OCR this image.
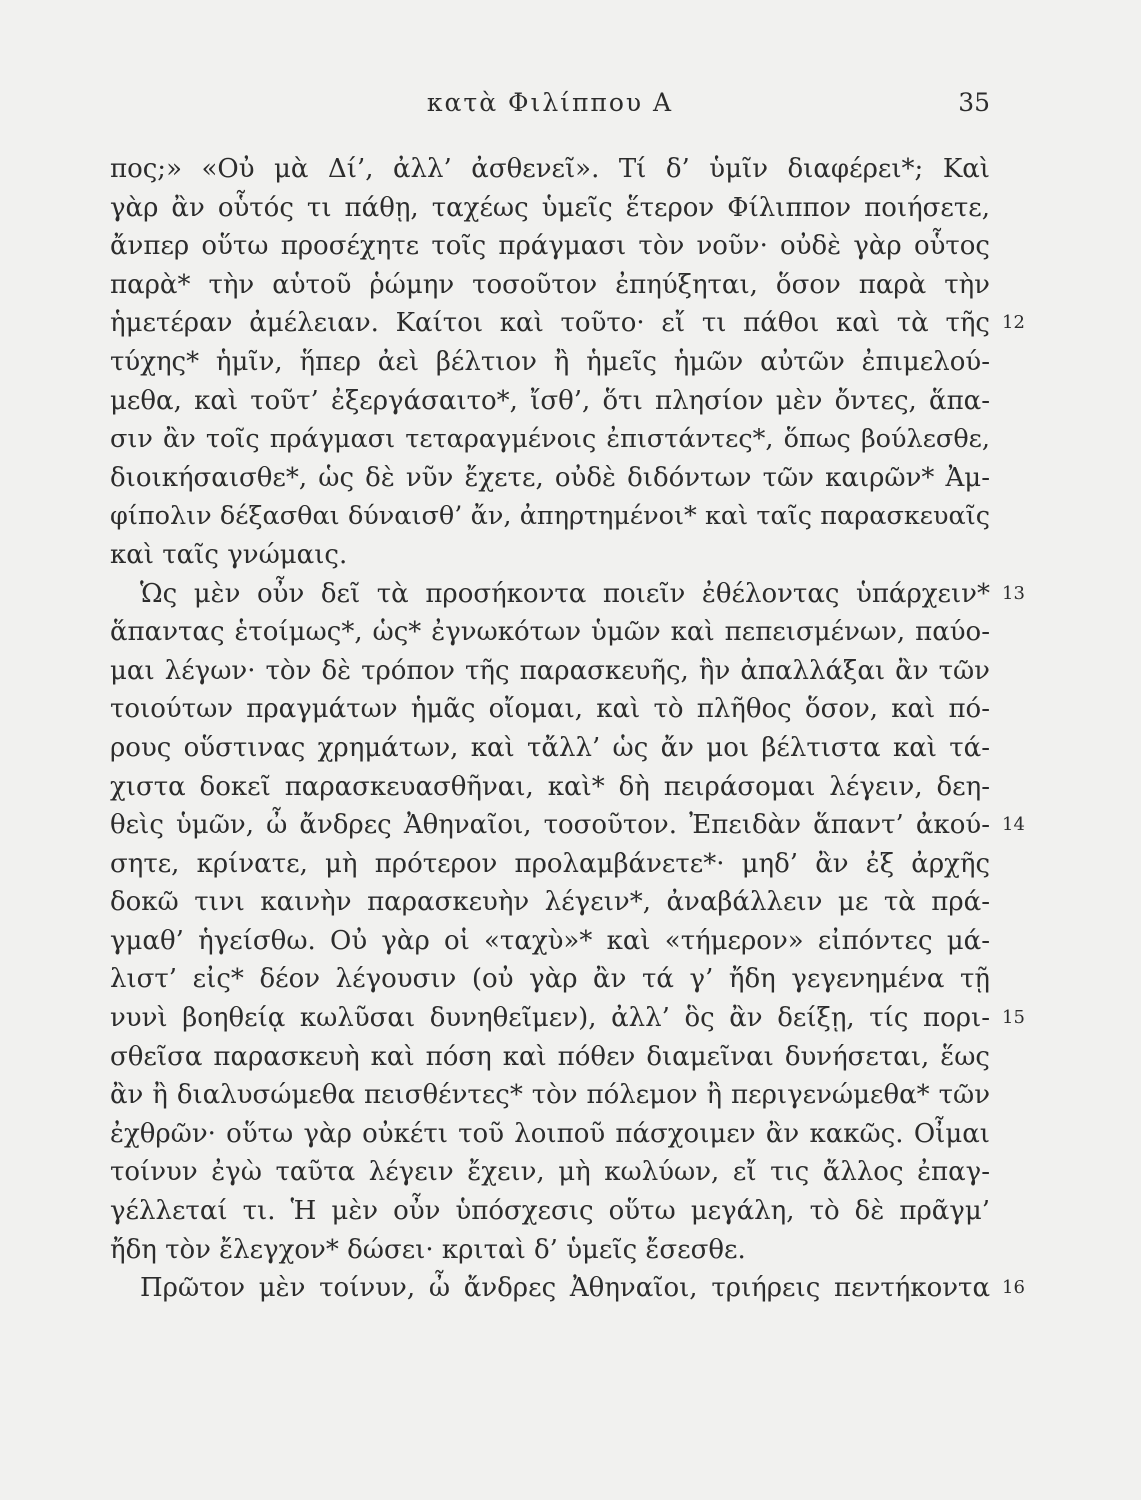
κατὰ Φιλίππου Α	35
πος;» «Οὐ μὰ Δί’, ἀλλ’ ἀσθενεῖ». Τί δ’ ὑμῖν διαφέρει*; Καὶ
γὰρ ἂν οὗτός τι πάθῃ, ταχέως ὑμεῖς ἕτερον Φίλιππον ποιήσετε,
ἄνπερ οὕτω προσέχητε τοῖς πράγμασι τὸν νοῦν· οὐδὲ γὰρ οὗτος
παρὰ* τὴν αὑτοῦ ῥώμην τοσοῦτον ἐπηύξηται, ὅσον παρὰ τὴν
ἡμετέραν ἀμέλειαν. Καίτοι καὶ τοῦτο· εἴ τι πάθοι καὶ τὰ τῆς 12
τύχης* ἡμῖν, ἥπερ ἀεὶ βέλτιον ἢ ἡμεῖς ἡμῶν αὐτῶν ἐπιμελού-
μεθα, καὶ τοῦτ’ ἐξεργάσαιτο*, ἴσθ’, ὅτι πλησίον μὲν ὄντες, ἅπα-
σιν ἂν τοῖς πράγμασι τεταραγμένοις ἐπιστάντες*, ὅπως βούλεσθε,
διοικήσαισθε*, ὡς δὲ νῦν ἔχετε, οὐδὲ διδόντων τῶν καιρῶν* Ἀμ-
φίπολιν δέξασθαι δύναισθ’ ἄν, ἀπηρτημένοι* καὶ ταῖς παρασκευαῖς
καὶ ταῖς γνώμαις.
Ὡς μὲν οὖν δεῖ τὰ προσήκοντα ποιεῖν ἐθέλοντας ὑπάρχειν* 13
ἅπαντας ἑτοίμως*, ὡς* ἐγνωκότων ὑμῶν καὶ πεπεισμένων, παύο-
μαι λέγων· τὸν δὲ τρόπον τῆς παρασκευῆς, ἣν ἀπαλλάξαι ἂν τῶν
τοιούτων πραγμάτων ἡμᾶς οἴομαι, καὶ τὸ πλῆθος ὅσον, καὶ πό-
ρους οὕστινας χρημάτων, καὶ τἄλλ’ ὡς ἄν μοι βέλτιστα καὶ τά-
χιστα δοκεῖ παρασκευασθῆναι, καὶ* δὴ πειράσομαι λέγειν, δεη-
θεὶς ὑμῶν, ὦ ἄνδρες Ἀθηναῖοι, τοσοῦτον. Ἐπειδὰν ἅπαντ’ ἀκού- 14
σητε, κρίνατε, μὴ πρότερον προλαμβάνετε*· μηδ’ ἂν ἐξ ἀρχῆς
δοκῶ τινι καινὴν παρασκευὴν λέγειν*, ἀναβάλλειν με τὰ πρά-
γμαθ’ ἡγείσθω. Οὐ γὰρ οἱ «ταχὺ»* καὶ «τήμερον» εἰπόντες μά-
λιστ’ εἰς* δέον λέγουσιν (οὐ γὰρ ἂν τά γ’ ἤδη γεγενημένα τῇ
νυνὶ βοηθείᾳ κωλῦσαι δυνηθεῖμεν), ἀλλ’ ὃς ἂν δείξῃ, τίς πορι- 15
σθεῖσα παρασκευὴ καὶ πόση καὶ πόθεν διαμεῖναι δυνήσεται, ἕως
ἂν ἢ διαλυσώμεθα πεισθέντες* τὸν πόλεμον ἢ περιγενώμεθα* τῶν
ἐχθρῶν· οὕτω γὰρ οὐκέτι τοῦ λοιποῦ πάσχοιμεν ἂν κακῶς. Οἶμαι
τοίνυν ἐγὼ ταῦτα λέγειν ἔχειν, μὴ κωλύων, εἴ τις ἄλλος ἐπαγ-
γέλλεταί τι. Ἡ μὲν οὖν ὑπόσχεσις οὕτω μεγάλη, τὸ δὲ πρᾶγμ’
ἤδη τὸν ἔλεγχον* δώσει· κριταὶ δ’ ὑμεῖς ἔσεσθε.
Πρῶτον μὲν τοίνυν, ὦ ἄνδρες Ἀθηναῖοι, τριήρεις πεντήκοντα 16
